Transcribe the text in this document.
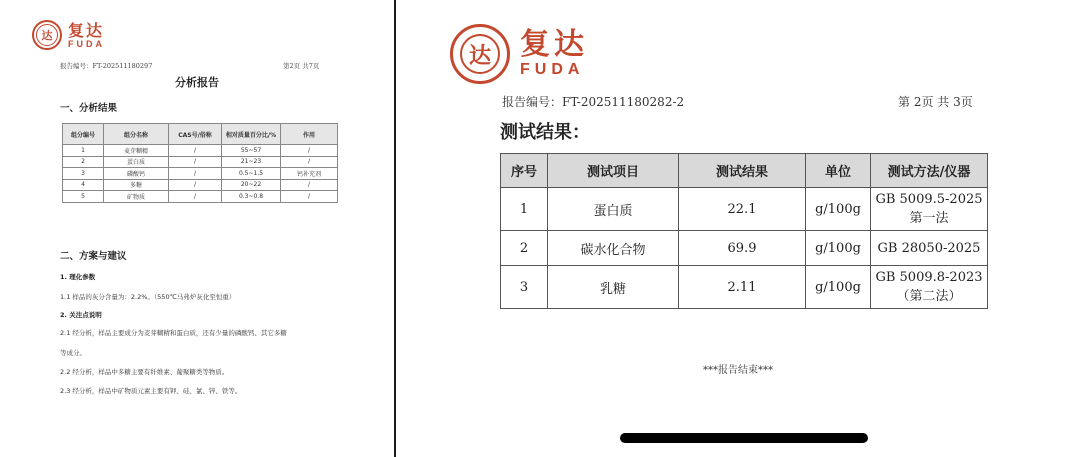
达 复达
FUDA
报告编号：FT-202511180297	第2页 共7页
分析报告
一、分析结果
组分编号	组分名称	CAS号/俗称	相对质量百分比/%	作用
1	麦芽糊精	/	55~57	/
2	蛋白质	/	21~23	/
3	磷酸钙	/	0.5~1.5	钙补充剂
4	多糖	/	20~22	/
5	矿物质	/	0.3~0.8	/
二、方案与建议
1. 理化参数
1.1 样品的灰分含量为：2.2%。（550℃马弗炉灰化至恒重）
2. 关注点说明
2.1 经分析，样品主要成分为麦芽糊精和蛋白质，还有少量的磷酸钙、其它多糖
等成分。
2.2 经分析，样品中多糖主要有纤维素、葡聚糖类等物质。
2.3 经分析，样品中矿物质元素主要有钾、硅、氯、锌、铁等。
达 复达
FUDA
报告编号：FT-202511180282-2	第 2页 共 3页
测试结果：
序号	测试项目	测试结果	单位	测试方法/仪器
1	蛋白质	22.1	g/100g	GB 5009.5-2025
第一法

2	碳水化合物	69.9	g/100g	GB 28050-2025
3	乳糖	2.11	g/100g	GB 5009.8-2023
（第二法）
***报告结束***
